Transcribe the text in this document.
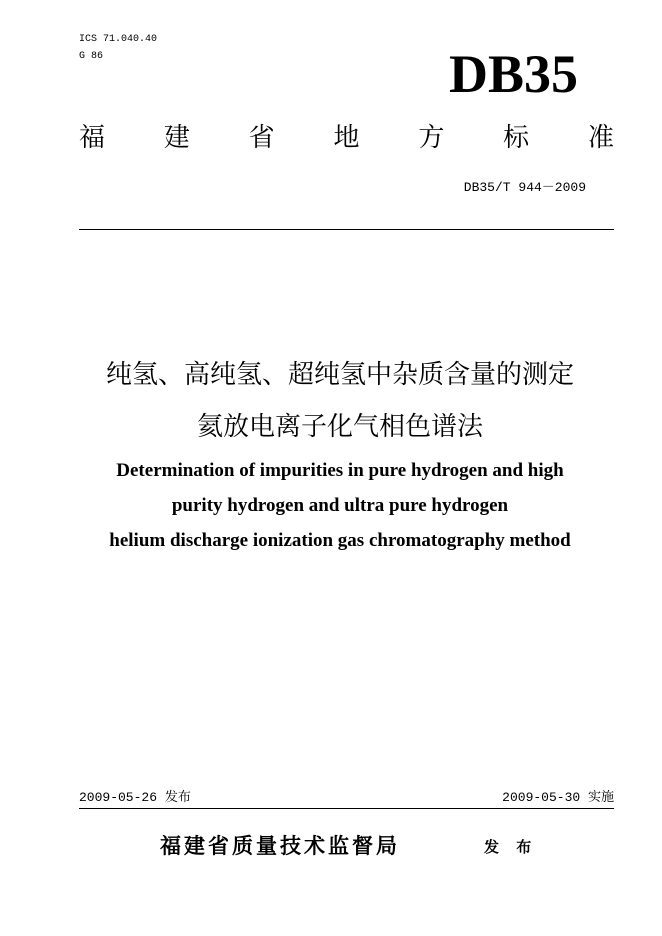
ICS 71.040.40
G 86	DB35
福 建 省 地 方 标 准
DB35/T 944－2009
纯氢、高纯氢、超纯氢中杂质含量的测定
氦放电离子化气相色谱法
Determination of impurities in pure hydrogen and high
purity hydrogen and ultra pure hydrogen
helium discharge ionization gas chromatography method
2009-05-26 发布	2009-05-30 实施
福建省质量技术监督局	发 布
